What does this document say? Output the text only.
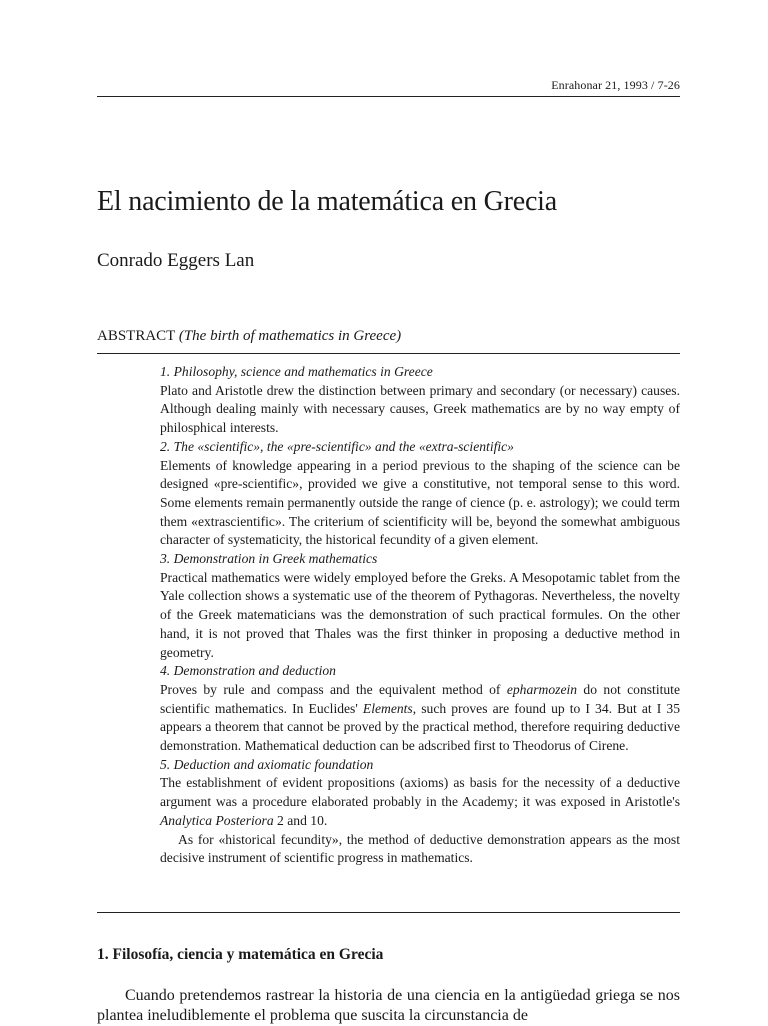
Enrahonar 21, 1993 / 7-26
El nacimiento de la matemática en Grecia
Conrado Eggers Lan
ABSTRACT (The birth of mathematics in Greece)

1. Philosophy, science and mathematics in Greece

Plato and Aristotle drew the distinction between primary and secondary (or necessary) causes. Although dealing mainly with necessary causes, Greek mathematics are by no way empty of philosphical interests.

2. The «scientific», the «pre-scientific» and the «extra-scientific»

Elements of knowledge appearing in a period previous to the shaping of the science can be designed «pre-scientific», provided we give a constitutive, not temporal sense to this word. Some elements remain permanently outside the range of cience (p. e. astrology); we could term them «extrascientific». The criterium of scientificity will be, beyond the somewhat ambiguous character of systematicity, the historical fecundity of a given element.

3. Demonstration in Greek mathematics

Practical mathematics were widely employed before the Greks. A Mesopotamic tablet from the Yale collection shows a systematic use of the theorem of Pythagoras. Nevertheless, the novelty of the Greek matematicians was the demonstration of such practical formules. On the other hand, it is not proved that Thales was the first thinker in proposing a deductive method in geometry.

4. Demonstration and deduction

Proves by rule and compass and the equivalent method of epharmozein do not constitute scientific mathematics. In Euclides' Elements, such proves are found up to I 34. But at I 35 appears a theorem that cannot be proved by the practical method, therefore requiring deductive demonstration. Mathematical deduction can be adscribed first to Theodorus of Cirene.

5. Deduction and axiomatic foundation

The establishment of evident propositions (axioms) as basis for the necessity of a deductive argument was a procedure elaborated probably in the Academy; it was exposed in Aristotle's Analytica Posteriora 2 and 10.

As for «historical fecundity», the method of deductive demonstration appears as the most decisive instrument of scientific progress in mathematics.

1. Filosofía, ciencia y matemática en Grecia
Cuando pretendemos rastrear la historia de una ciencia en la antigüedad griega se nos plantea ineludiblemente el problema que suscita la circunstancia de
